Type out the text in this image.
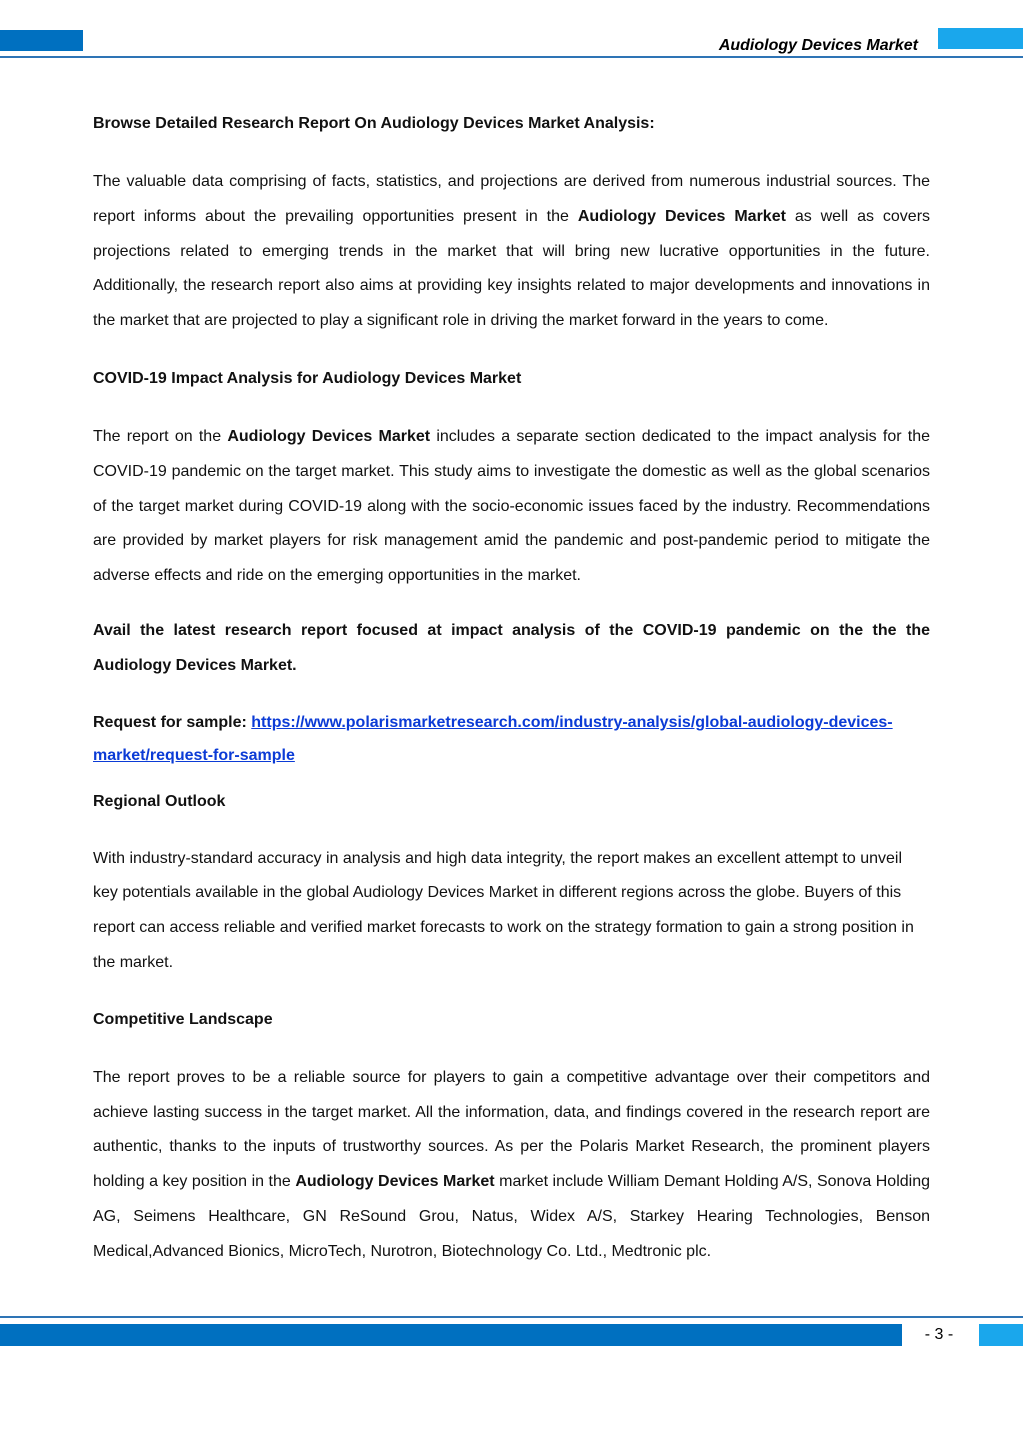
Audiology Devices Market

Browse Detailed Research Report On Audiology Devices Market Analysis:

The valuable data comprising of facts, statistics, and projections are derived from numerous industrial sources. The report informs about the prevailing opportunities present in the Audiology Devices Market as well as covers projections related to emerging trends in the market that will bring new lucrative opportunities in the future. Additionally, the research report also aims at providing key insights related to major developments and innovations in the market that are projected to play a significant role in driving the market forward in the years to come.

COVID-19 Impact Analysis for Audiology Devices Market

The report on the Audiology Devices Market includes a separate section dedicated to the impact analysis for the COVID-19 pandemic on the target market. This study aims to investigate the domestic as well as the global scenarios of the target market during COVID-19 along with the socio-economic issues faced by the industry. Recommendations are provided by market players for risk management amid the pandemic and post-pandemic period to mitigate the adverse effects and ride on the emerging opportunities in the market.

Avail the latest research report focused at impact analysis of the COVID-19 pandemic on the the the Audiology Devices Market.

Request for sample: https://www.polarismarketresearch.com/industry-analysis/global-audiology-devices-market/request-for-sample

Regional Outlook

With industry-standard accuracy in analysis and high data integrity, the report makes an excellent attempt to unveil key potentials available in the global Audiology Devices Market in different regions across the globe. Buyers of this report can access reliable and verified market forecasts to work on the strategy formation to gain a strong position in the market.

Competitive Landscape

The report proves to be a reliable source for players to gain a competitive advantage over their competitors and achieve lasting success in the target market. All the information, data, and findings covered in the research report are authentic, thanks to the inputs of trustworthy sources. As per the Polaris Market Research, the prominent players holding a key position in the Audiology Devices Market market include William Demant Holding A/S, Sonova Holding AG, Seimens Healthcare, GN ReSound Grou, Natus, Widex A/S, Starkey Hearing Technologies, Benson Medical,Advanced Bionics, MicroTech, Nurotron, Biotechnology Co. Ltd., Medtronic plc.

- 3 -
